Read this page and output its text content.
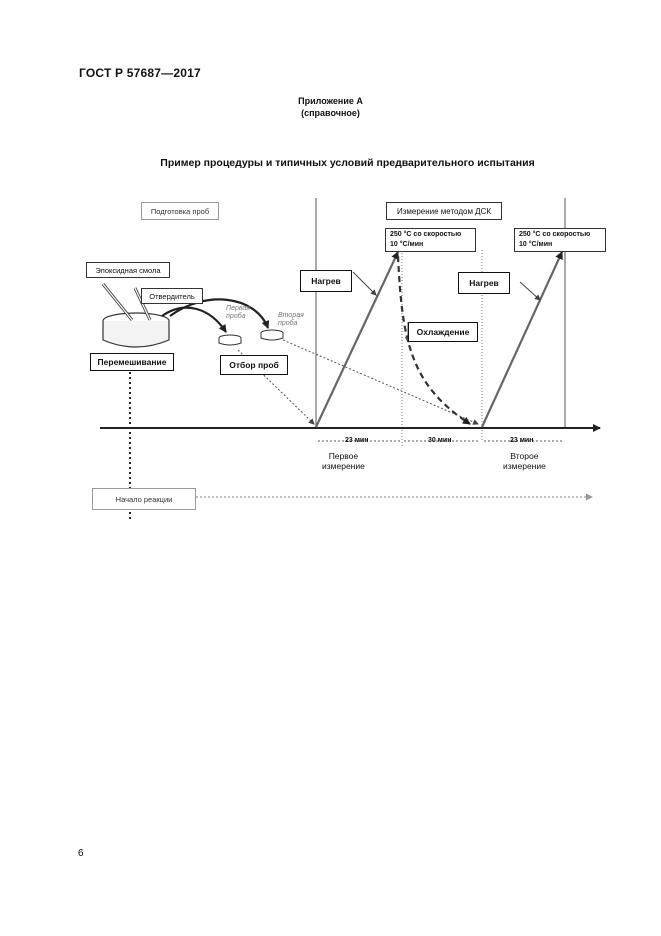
ГОСТ Р 57687—2017
Приложение А
(справочное)
Пример процедуры и типичных условий предварительного испытания
Подготовка проб	Измерение методом ДСК
250 °С со скоростью
10 °С/мин
250 °С со скоростью
10 °С/мин
Эпоксидная смола
Отвердитель
Нагрев	Нагрев
Охлаждение
Первая
проба	Вторая
проба
Перемешивание	Отбор проб
23 мин	30 мин	23 мин
Первое
измерение
Второе
измерение
Начало реакции
6
